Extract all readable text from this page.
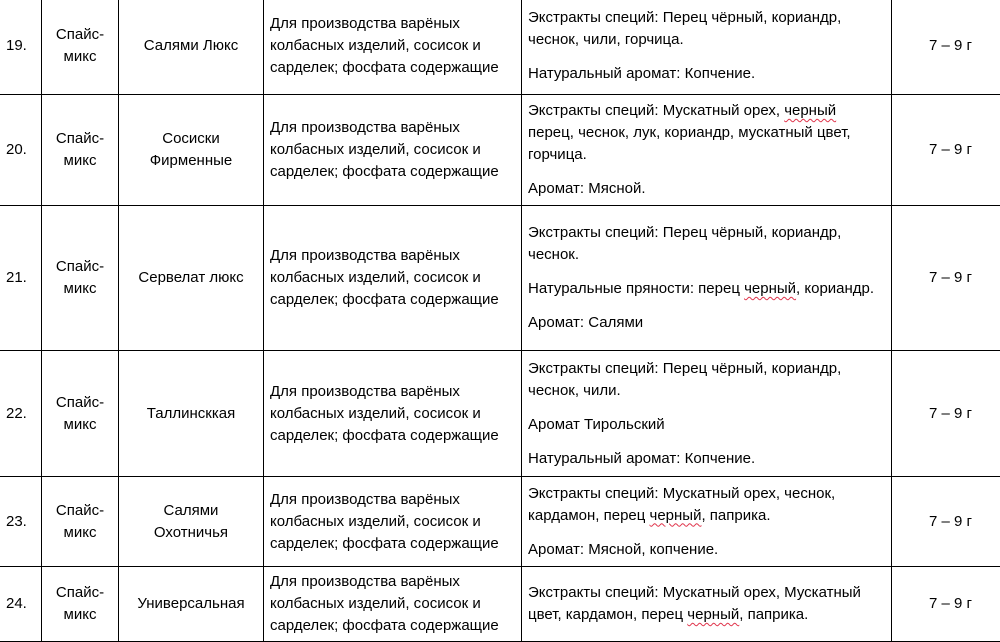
19.	Спайс-микс	Салями Люкс	Для производства варёных колбасных изделий, сосисок и сарделек; фосфата содержащие	Экстракты специй: Перец чёрный, кориандр, чеснок, чили, горчица.

Натуральный аромат: Копчение.	7 – 9 г
20.	Спайс-микс	Сосиски Фирменные	Для производства варёных колбасных изделий, сосисок и сарделек; фосфата содержащие	Экстракты специй: Мускатный орех, черный перец, чеснок, лук, кориандр, мускатный цвет, горчица.

Аромат: Мясной.	7 – 9 г
21.	Спайс-микс	Сервелат люкс	Для производства варёных колбасных изделий, сосисок и сарделек; фосфата содержащие	Экстракты специй: Перец чёрный, кориандр, чеснок.

Натуральные пряности: перец черный, кориандр.

Аромат: Салями	7 – 9 г
22.	Спайс-микс	Таллинсккая	Для производства варёных колбасных изделий, сосисок и сарделек; фосфата содержащие	Экстракты специй: Перец чёрный, кориандр, чеснок, чили.

Аромат Тирольский

Натуральный аромат: Копчение.	7 – 9 г
23.	Спайс-микс	Салями Охотничья	Для производства варёных колбасных изделий, сосисок и сарделек; фосфата содержащие	Экстракты специй: Мускатный орех, чеснок, кардамон, перец черный, паприка.

Аромат: Мясной, копчение.	7 – 9 г
24.	Спайс-микс	Универсальная	Для производства варёных колбасных изделий, сосисок и сарделек; фосфата содержащие	Экстракты специй: Мускатный орех, Мускатный цвет, кардамон, перец черный, паприка.	7 – 9 г
